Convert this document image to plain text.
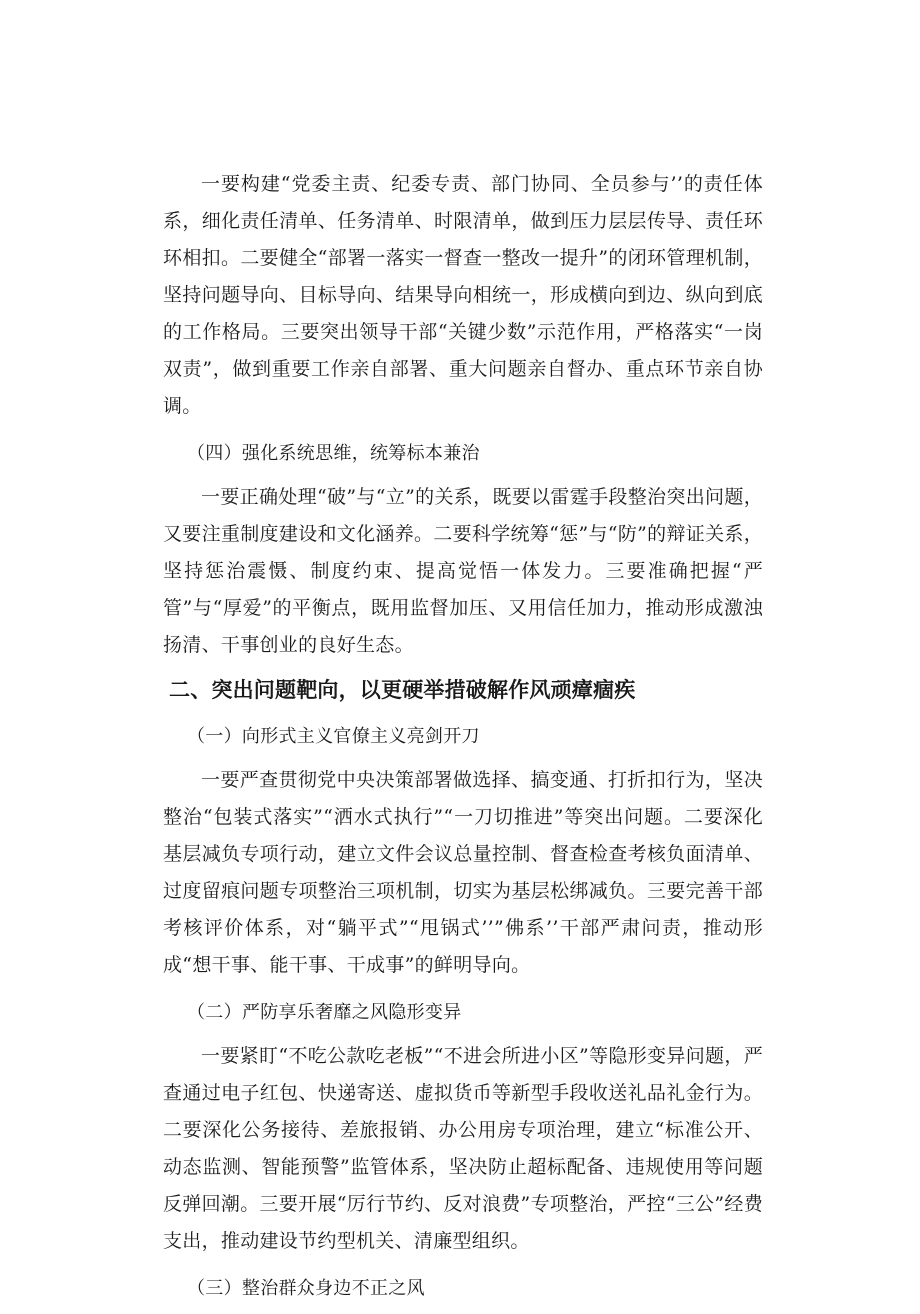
一要构建“党委主责、纪委专责、部门协同、全员参与’’的责任体系，细化责任清单、任务清单、时限清单，做到压力层层传导、责任环环相扣。二要健全“部署一落实一督查一整改一提升”的闭环管理机制，坚持问题导向、目标导向、结果导向相统一，形成横向到边、纵向到底的工作格局。三要突出领导干部“关键少数”示范作用，严格落实“一岗双责”，做到重要工作亲自部署、重大问题亲自督办、重点环节亲自协调。

（四）强化系统思维，统筹标本兼治

一要正确处理“破”与“立”的关系，既要以雷霆手段整治突出问题，又要注重制度建设和文化涵养。二要科学统筹“惩”与“防”的辩证关系，坚持惩治震慑、制度约束、提高觉悟一体发力。三要准确把握“严管”与“厚爱”的平衡点，既用监督加压、又用信任加力，推动形成激浊扬清、干事创业的良好生态。

二、突出问题靶向，以更硬举措破解作风顽瘴痼疾
（一）向形式主义官僚主义亮剑开刀

一要严查贯彻党中央决策部署做选择、搞变通、打折扣行为，坚决整治“包装式落实”“洒水式执行”“一刀切推进”等突出问题。二要深化基层减负专项行动，建立文件会议总量控制、督查检查考核负面清单、过度留痕问题专项整治三项机制，切实为基层松绑减负。三要完善干部考核评价体系，对“躺平式”“甩锅式’’”佛系’’干部严肃问责，推动形成“想干事、能干事、干成事”的鲜明导向。

（二）严防享乐奢靡之风隐形变异

一要紧盯“不吃公款吃老板”“不进会所进小区”等隐形变异问题，严查通过电子红包、快递寄送、虚拟货币等新型手段收送礼品礼金行为。二要深化公务接待、差旅报销、办公用房专项治理，建立“标准公开、动态监测、智能预警”监管体系，坚决防止超标配备、违规使用等问题反弹回潮。三要开展“厉行节约、反对浪费”专项整治，严控“三公”经费支出，推动建设节约型机关、清廉型组织。

（三）整治群众身边不正之风
